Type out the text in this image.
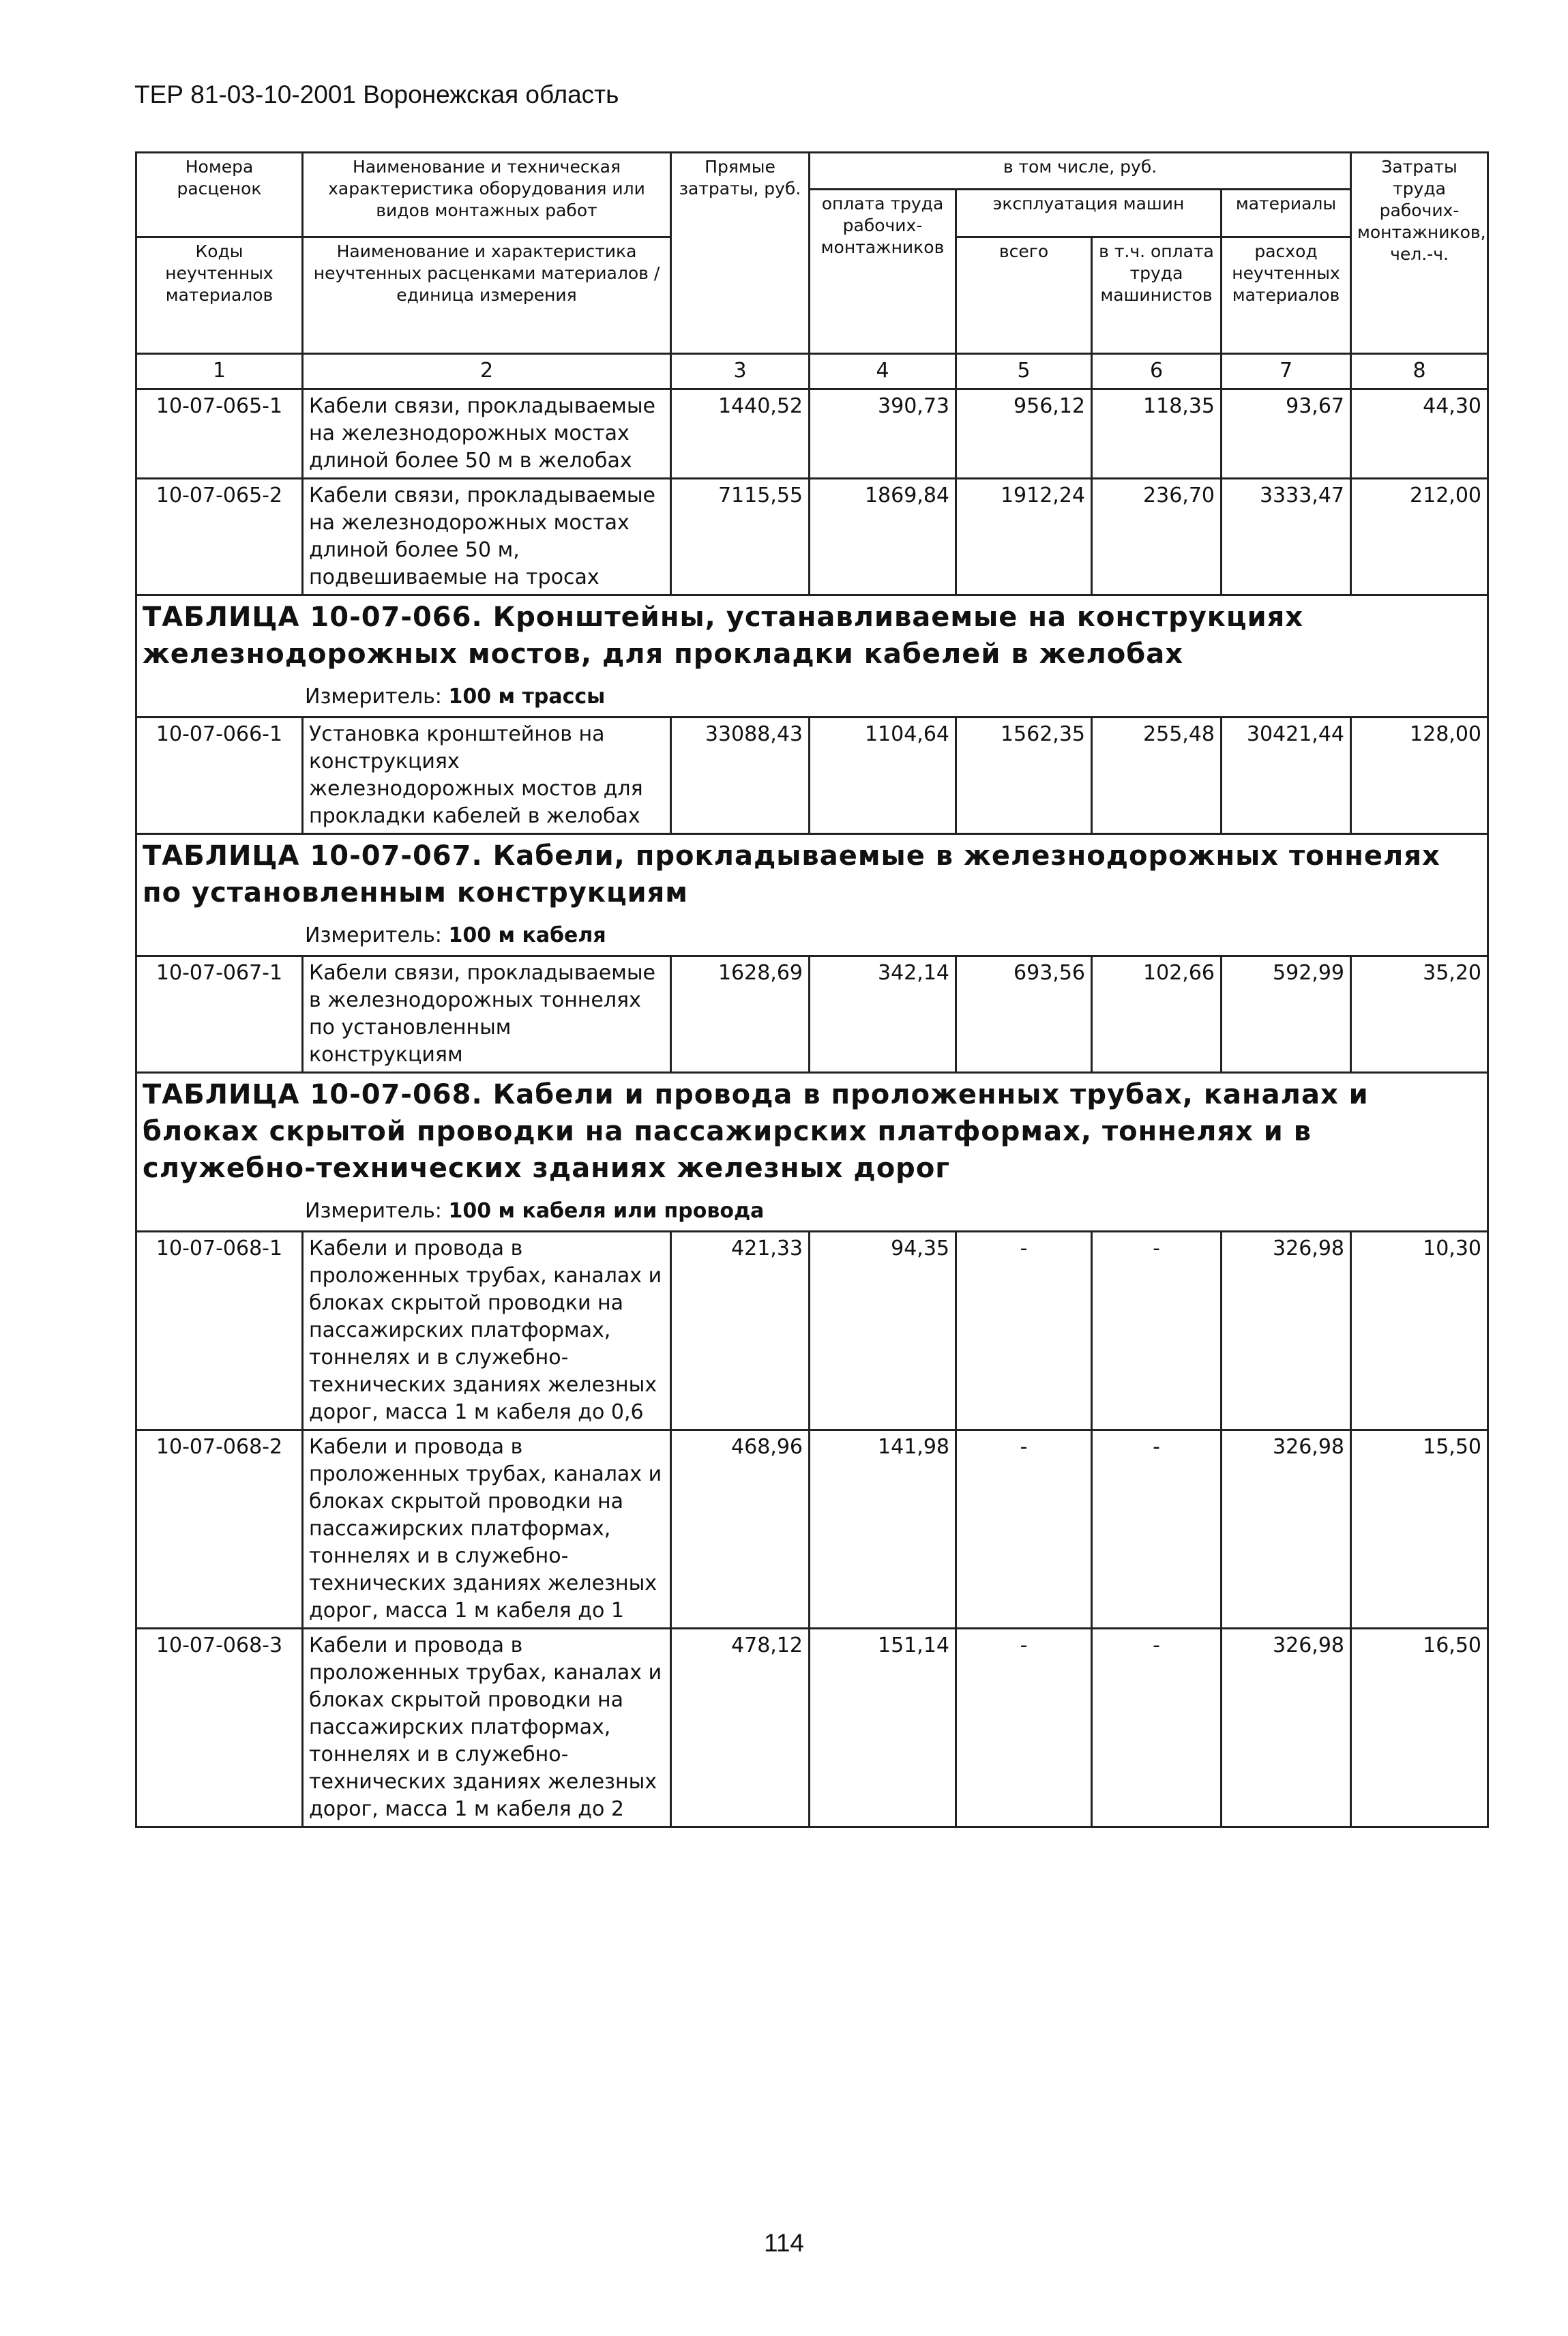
ТЕР 81-03-10-2001 Воронежская область
Номера расценок	Наименование и техническая характеристика оборудования или видов монтажных работ	Прямые затраты, руб.	в том числе, руб.				Затраты труда рабочих-монтажников, чел.-ч.
			оплата труда рабочих-монтажников	эксплуатация машин		материалы	
Коды неучтенных материалов	Наименование и характеристика неучтенных расценками материалов / единица измерения			всего	в т.ч. оплата труда машинистов	расход неучтенных материалов	

1	2	3	4	5	6	7	8
10-07-065-1	Кабели связи, прокладываемые на железнодорожных мостах длиной более 50 м в желобах	1440,52	390,73	956,12	118,35	93,67	44,30
10-07-065-2	Кабели связи, прокладываемые на железнодорожных мостах длиной более 50 м, подвешиваемые на тросах	7115,55	1869,84	1912,24	236,70	3333,47	212,00

ТАБЛИЦА 10-07-066. Кронштейны, устанавливаемые на конструкциях железнодорожных мостов, для прокладки кабелей в желобах
Измеритель: 100 м трассы							

10-07-066-1	Установка кронштейнов на конструкциях железнодорожных мостов для прокладки кабелей в желобах	33088,43	1104,64	1562,35	255,48	30421,44	128,00

ТАБЛИЦА 10-07-067. Кабели, прокладываемые в железнодорожных тоннелях по установленным конструкциям
Измеритель: 100 м кабеля							

10-07-067-1	Кабели связи, прокладываемые в железнодорожных тоннелях по установленным конструкциям	1628,69	342,14	693,56	102,66	592,99	35,20

ТАБЛИЦА 10-07-068. Кабели и провода в проложенных трубах, каналах и блоках скрытой проводки на пассажирских платформах, тоннелях и в служебно-технических зданиях железных дорог
Измеритель: 100 м кабеля или провода							

10-07-068-1	Кабели и провода в проложенных трубах, каналах и блоках скрытой проводки на пассажирских платформах, тоннелях и в служебно-технических зданиях железных дорог, масса 1 м кабеля до 0,6	421,33	94,35	-	-	326,98	10,30
10-07-068-2	Кабели и провода в проложенных трубах, каналах и блоках скрытой проводки на пассажирских платформах, тоннелях и в служебно-технических зданиях железных дорог, масса 1 м кабеля до 1	468,96	141,98	-	-	326,98	15,50
10-07-068-3	Кабели и провода в проложенных трубах, каналах и блоках скрытой проводки на пассажирских платформах, тоннелях и в служебно-технических зданиях железных дорог, масса 1 м кабеля до 2	478,12	151,14	-	-	326,98	16,50
114
